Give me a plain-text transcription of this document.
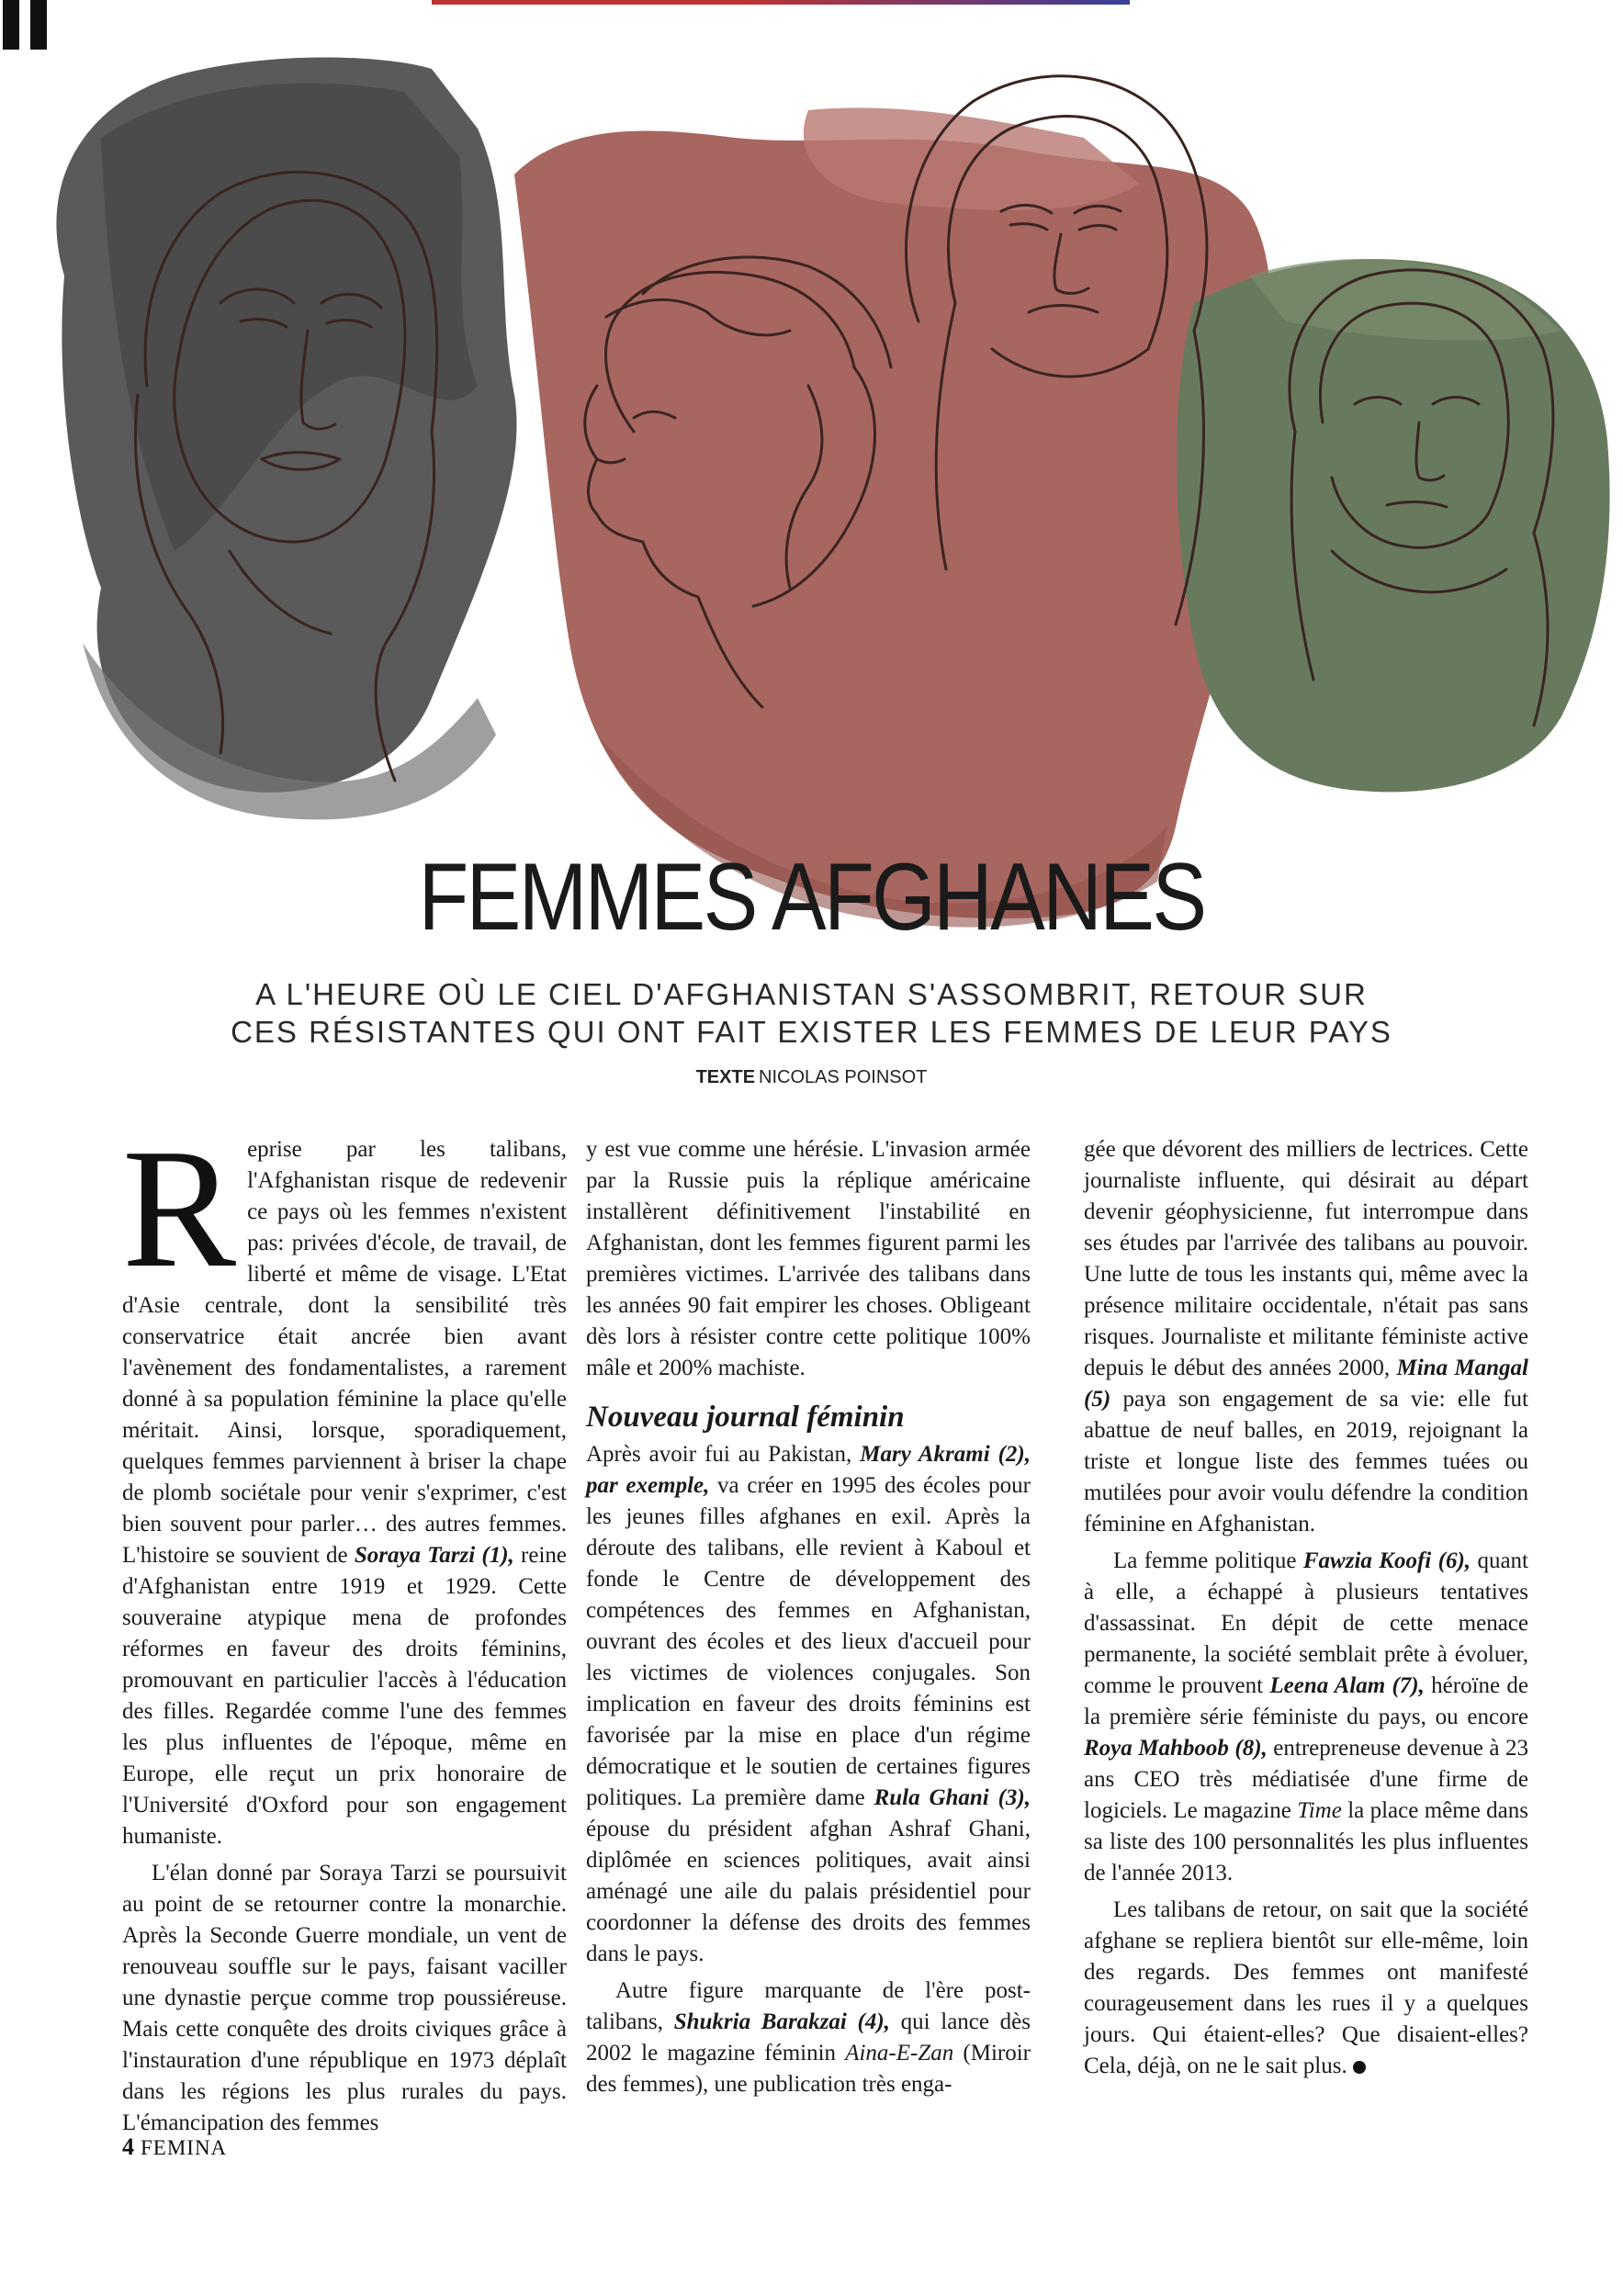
FEMMES AFGHANES
A L'HEURE OÙ LE CIEL D'AFGHANISTAN S'ASSOMBRIT, RETOUR SUR
CES RÉSISTANTES QUI ONT FAIT EXISTER LES FEMMES DE LEUR PAYS
TEXTE NICOLAS POINSOT

Reprise par les talibans, l'Afghanistan risque de redevenir ce pays où les femmes n'existent pas: privées d'école, de travail, de liberté et même de visage. L'Etat d'Asie centrale, dont la sensibilité très conservatrice était ancrée bien avant l'avènement des fondamentalistes, a rarement donné à sa population féminine la place qu'elle méritait. Ainsi, lorsque, sporadiquement, quelques femmes parviennent à briser la chape de plomb sociétale pour venir s'exprimer, c'est bien souvent pour parler… des autres femmes. L'histoire se souvient de Soraya Tarzi (1), reine d'Afghanistan entre 1919 et 1929. Cette souveraine atypique mena de profondes réformes en faveur des droits féminins, promouvant en particulier l'accès à l'éducation des filles. Regardée comme l'une des femmes les plus influentes de l'époque, même en Europe, elle reçut un prix honoraire de l'Université d'Oxford pour son engagement humaniste.

L'élan donné par Soraya Tarzi se poursuivit au point de se retourner contre la monarchie. Après la Seconde Guerre mondiale, un vent de renouveau souffle sur le pays, faisant vaciller une dynastie perçue comme trop poussiéreuse. Mais cette conquête des droits civiques grâce à l'instauration d'une république en 1973 déplaît dans les régions les plus rurales du pays. L'émancipation des femmes

y est vue comme une hérésie. L'invasion armée par la Russie puis la réplique américaine installèrent définitivement l'instabilité en Afghanistan, dont les femmes figurent parmi les premières victimes. L'arrivée des talibans dans les années 90 fait empirer les choses. Obligeant dès lors à résister contre cette politique 100% mâle et 200% machiste.

Nouveau journal féminin

Après avoir fui au Pakistan, Mary Akrami (2), par exemple, va créer en 1995 des écoles pour les jeunes filles afghanes en exil. Après la déroute des talibans, elle revient à Kaboul et fonde le Centre de développement des compétences des femmes en Afghanistan, ouvrant des écoles et des lieux d'accueil pour les victimes de violences conjugales. Son implication en faveur des droits féminins est favorisée par la mise en place d'un régime démocratique et le soutien de certaines figures politiques. La première dame Rula Ghani (3), épouse du président afghan Ashraf Ghani, diplômée en sciences politiques, avait ainsi aménagé une aile du palais présidentiel pour coordonner la défense des droits des femmes dans le pays.

Autre figure marquante de l'ère post-talibans, Shukria Barakzai (4), qui lance dès 2002 le magazine féminin Aina-E-Zan (Miroir des femmes), une publication très enga-

gée que dévorent des milliers de lectrices. Cette journaliste influente, qui désirait au départ devenir géophysicienne, fut interrompue dans ses études par l'arrivée des talibans au pouvoir. Une lutte de tous les instants qui, même avec la présence militaire occidentale, n'était pas sans risques. Journaliste et militante féministe active depuis le début des années 2000, Mina Mangal (5) paya son engagement de sa vie: elle fut abattue de neuf balles, en 2019, rejoignant la triste et longue liste des femmes tuées ou mutilées pour avoir voulu défendre la condition féminine en Afghanistan.

La femme politique Fawzia Koofi (6), quant à elle, a échappé à plusieurs tentatives d'assassinat. En dépit de cette menace permanente, la société semblait prête à évoluer, comme le prouvent Leena Alam (7), héroïne de la première série féministe du pays, ou encore Roya Mahboob (8), entrepreneuse devenue à 23 ans CEO très médiatisée d'une firme de logiciels. Le magazine Time la place même dans sa liste des 100 personnalités les plus influentes de l'année 2013.

Les talibans de retour, on sait que la société afghane se repliera bientôt sur elle-même, loin des regards. Des femmes ont manifesté courageusement dans les rues il y a quelques jours. Qui étaient-elles? Que disaient-elles? Cela, déjà, on ne le sait plus.

4 FEMINA
